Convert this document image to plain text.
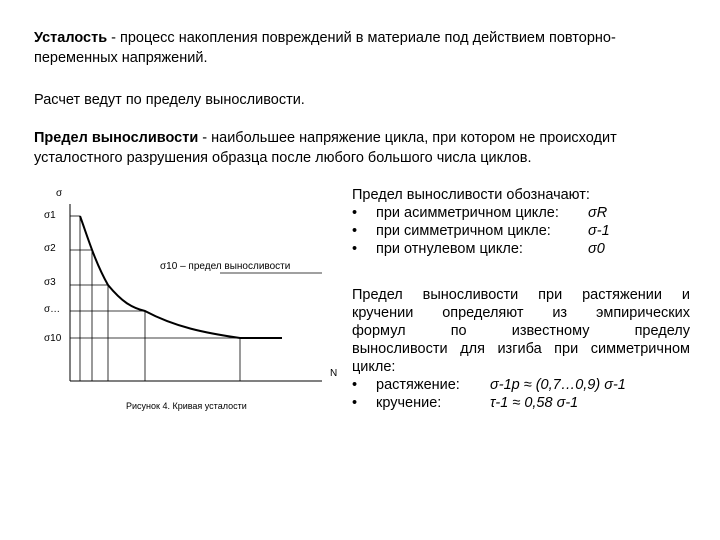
Усталость - процесс накопления повреждений в материале под действием повторно-
переменных напряжений.
Расчет ведут по пределу выносливости.
Предел выносливости - наибольшее напряжение цикла, при котором не происходит
усталостного разрушения образца после любого большого числа циклов.
σ
σ1
σ2
σ3
σ…
σ10
N
σ10 – предел выносливости
Рисунок 4. Кривая усталости
Предел выносливости обозначают:
• при асимметричном цикле: σR
• при симметричном цикле:	σ-1
• при отнулевом цикле:	σ0
Предел выносливости при растяжении и
кручении определяют из эмпирических
формул по известному пределу
выносливости для изгиба при симметричном
цикле:
• растяжение: σ-1р ≈ (0,7…0,9) σ-1
• кручение:	τ-1 ≈ 0,58 σ-1
